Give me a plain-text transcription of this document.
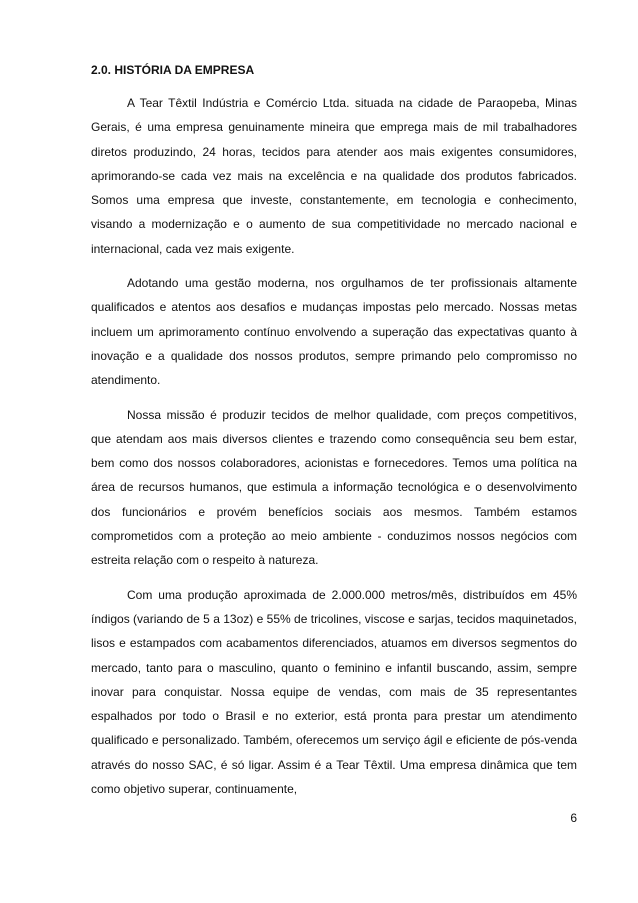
2.0. HISTÓRIA DA EMPRESA

A Tear Têxtil Indústria e Comércio Ltda. situada na cidade de Paraopeba, Minas Gerais, é uma empresa genuinamente mineira que emprega mais de mil trabalhadores diretos produzindo, 24 horas, tecidos para atender aos mais exigentes consumidores, aprimorando-se cada vez mais na excelência e na qualidade dos produtos fabricados. Somos uma empresa que investe, constantemente, em tecnologia e conhecimento, visando a modernização e o aumento de sua competitividade no mercado nacional e internacional, cada vez mais exigente.

Adotando uma gestão moderna, nos orgulhamos de ter profissionais altamente qualificados e atentos aos desafios e mudanças impostas pelo mercado. Nossas metas incluem um aprimoramento contínuo envolvendo a superação das expectativas quanto à inovação e a qualidade dos nossos produtos, sempre primando pelo compromisso no atendimento.

Nossa missão é produzir tecidos de melhor qualidade, com preços competitivos, que atendam aos mais diversos clientes e trazendo como consequência seu bem estar, bem como dos nossos colaboradores, acionistas e fornecedores. Temos uma política na área de recursos humanos, que estimula a informação tecnológica e o desenvolvimento dos funcionários e provém benefícios sociais aos mesmos. Também estamos comprometidos com a proteção ao meio ambiente - conduzimos nossos negócios com estreita relação com o respeito à natureza.

Com uma produção aproximada de 2.000.000 metros/mês, distribuídos em 45% índigos (variando de 5 a 13oz) e 55% de tricolines, viscose e sarjas, tecidos maquinetados, lisos e estampados com acabamentos diferenciados, atuamos em diversos segmentos do mercado, tanto para o masculino, quanto o feminino e infantil buscando, assim, sempre inovar para conquistar. Nossa equipe de vendas, com mais de 35 representantes espalhados por todo o Brasil e no exterior, está pronta para prestar um atendimento qualificado e personalizado. Também, oferecemos um serviço ágil e eficiente de pós-venda através do nosso SAC, é só ligar. Assim é a Tear Têxtil. Uma empresa dinâmica que tem como objetivo superar, continuamente,

6
